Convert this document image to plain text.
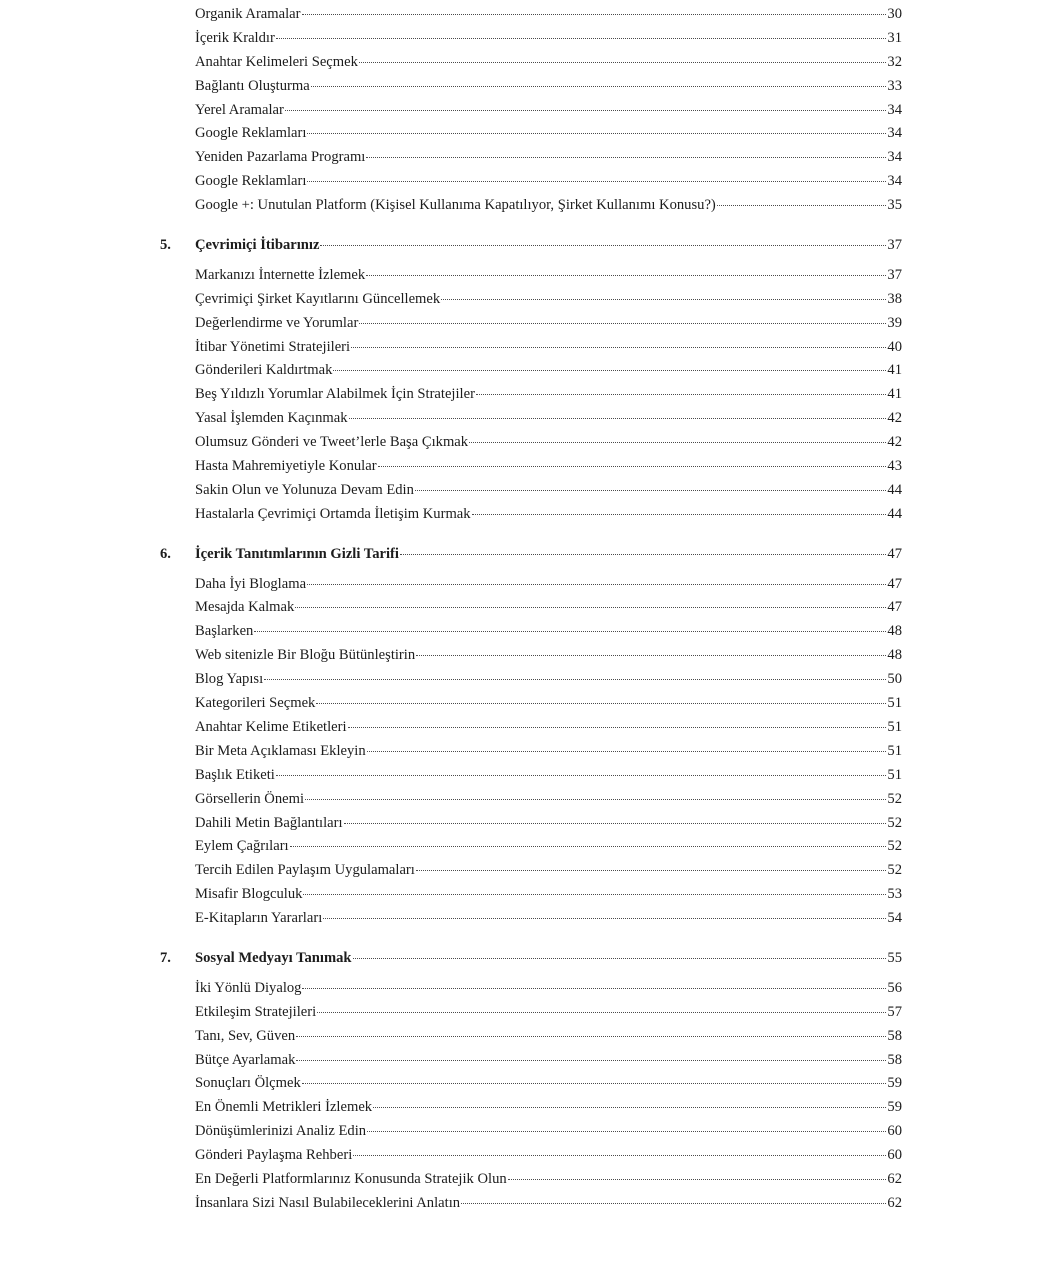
Organik Aramalar	30
İçerik Kraldır	31
Anahtar Kelimeleri Seçmek	32
Bağlantı Oluşturma	33
Yerel Aramalar	34
Google Reklamları	34
Yeniden Pazarlama Programı	34
Google Reklamları	34
Google +: Unutulan Platform (Kişisel Kullanıma Kapatılıyor, Şirket Kullanımı Konusu?)	35
5.	Çevrimiçi İtibarınız	37
Markanızı İnternette İzlemek	37
Çevrimiçi Şirket Kayıtlarını Güncellemek	38
Değerlendirme ve Yorumlar	39
İtibar Yönetimi Stratejileri	40
Gönderileri Kaldırtmak	41
Beş Yıldızlı Yorumlar Alabilmek İçin Stratejiler	41
Yasal İşlemden Kaçınmak	42
Olumsuz Gönderi ve Tweet’lerle Başa Çıkmak	42
Hasta Mahremiyetiyle Konular	43
Sakin Olun ve Yolunuza Devam Edin	44
Hastalarla Çevrimiçi Ortamda İletişim Kurmak	44
6.	İçerik Tanıtımlarının Gizli Tarifi	47
Daha İyi Bloglama	47
Mesajda Kalmak	47
Başlarken	48
Web sitenizle Bir Bloğu Bütünleştirin	48
Blog Yapısı	50
Kategorileri Seçmek	51
Anahtar Kelime Etiketleri	51
Bir Meta Açıklaması Ekleyin	51
Başlık Etiketi	51
Görsellerin Önemi	52
Dahili Metin Bağlantıları	52
Eylem Çağrıları	52
Tercih Edilen Paylaşım Uygulamaları	52
Misafir Blogculuk	53
E-Kitapların Yararları	54
7.	Sosyal Medyayı Tanımak	55
İki Yönlü Diyalog	56
Etkileşim Stratejileri	57
Tanı, Sev, Güven	58
Bütçe Ayarlamak	58
Sonuçları Ölçmek	59
En Önemli Metrikleri İzlemek	59
Dönüşümlerinizi Analiz Edin	60
Gönderi Paylaşma Rehberi	60
En Değerli Platformlarınız Konusunda Stratejik Olun	62
İnsanlara Sizi Nasıl Bulabileceklerini Anlatın	62
